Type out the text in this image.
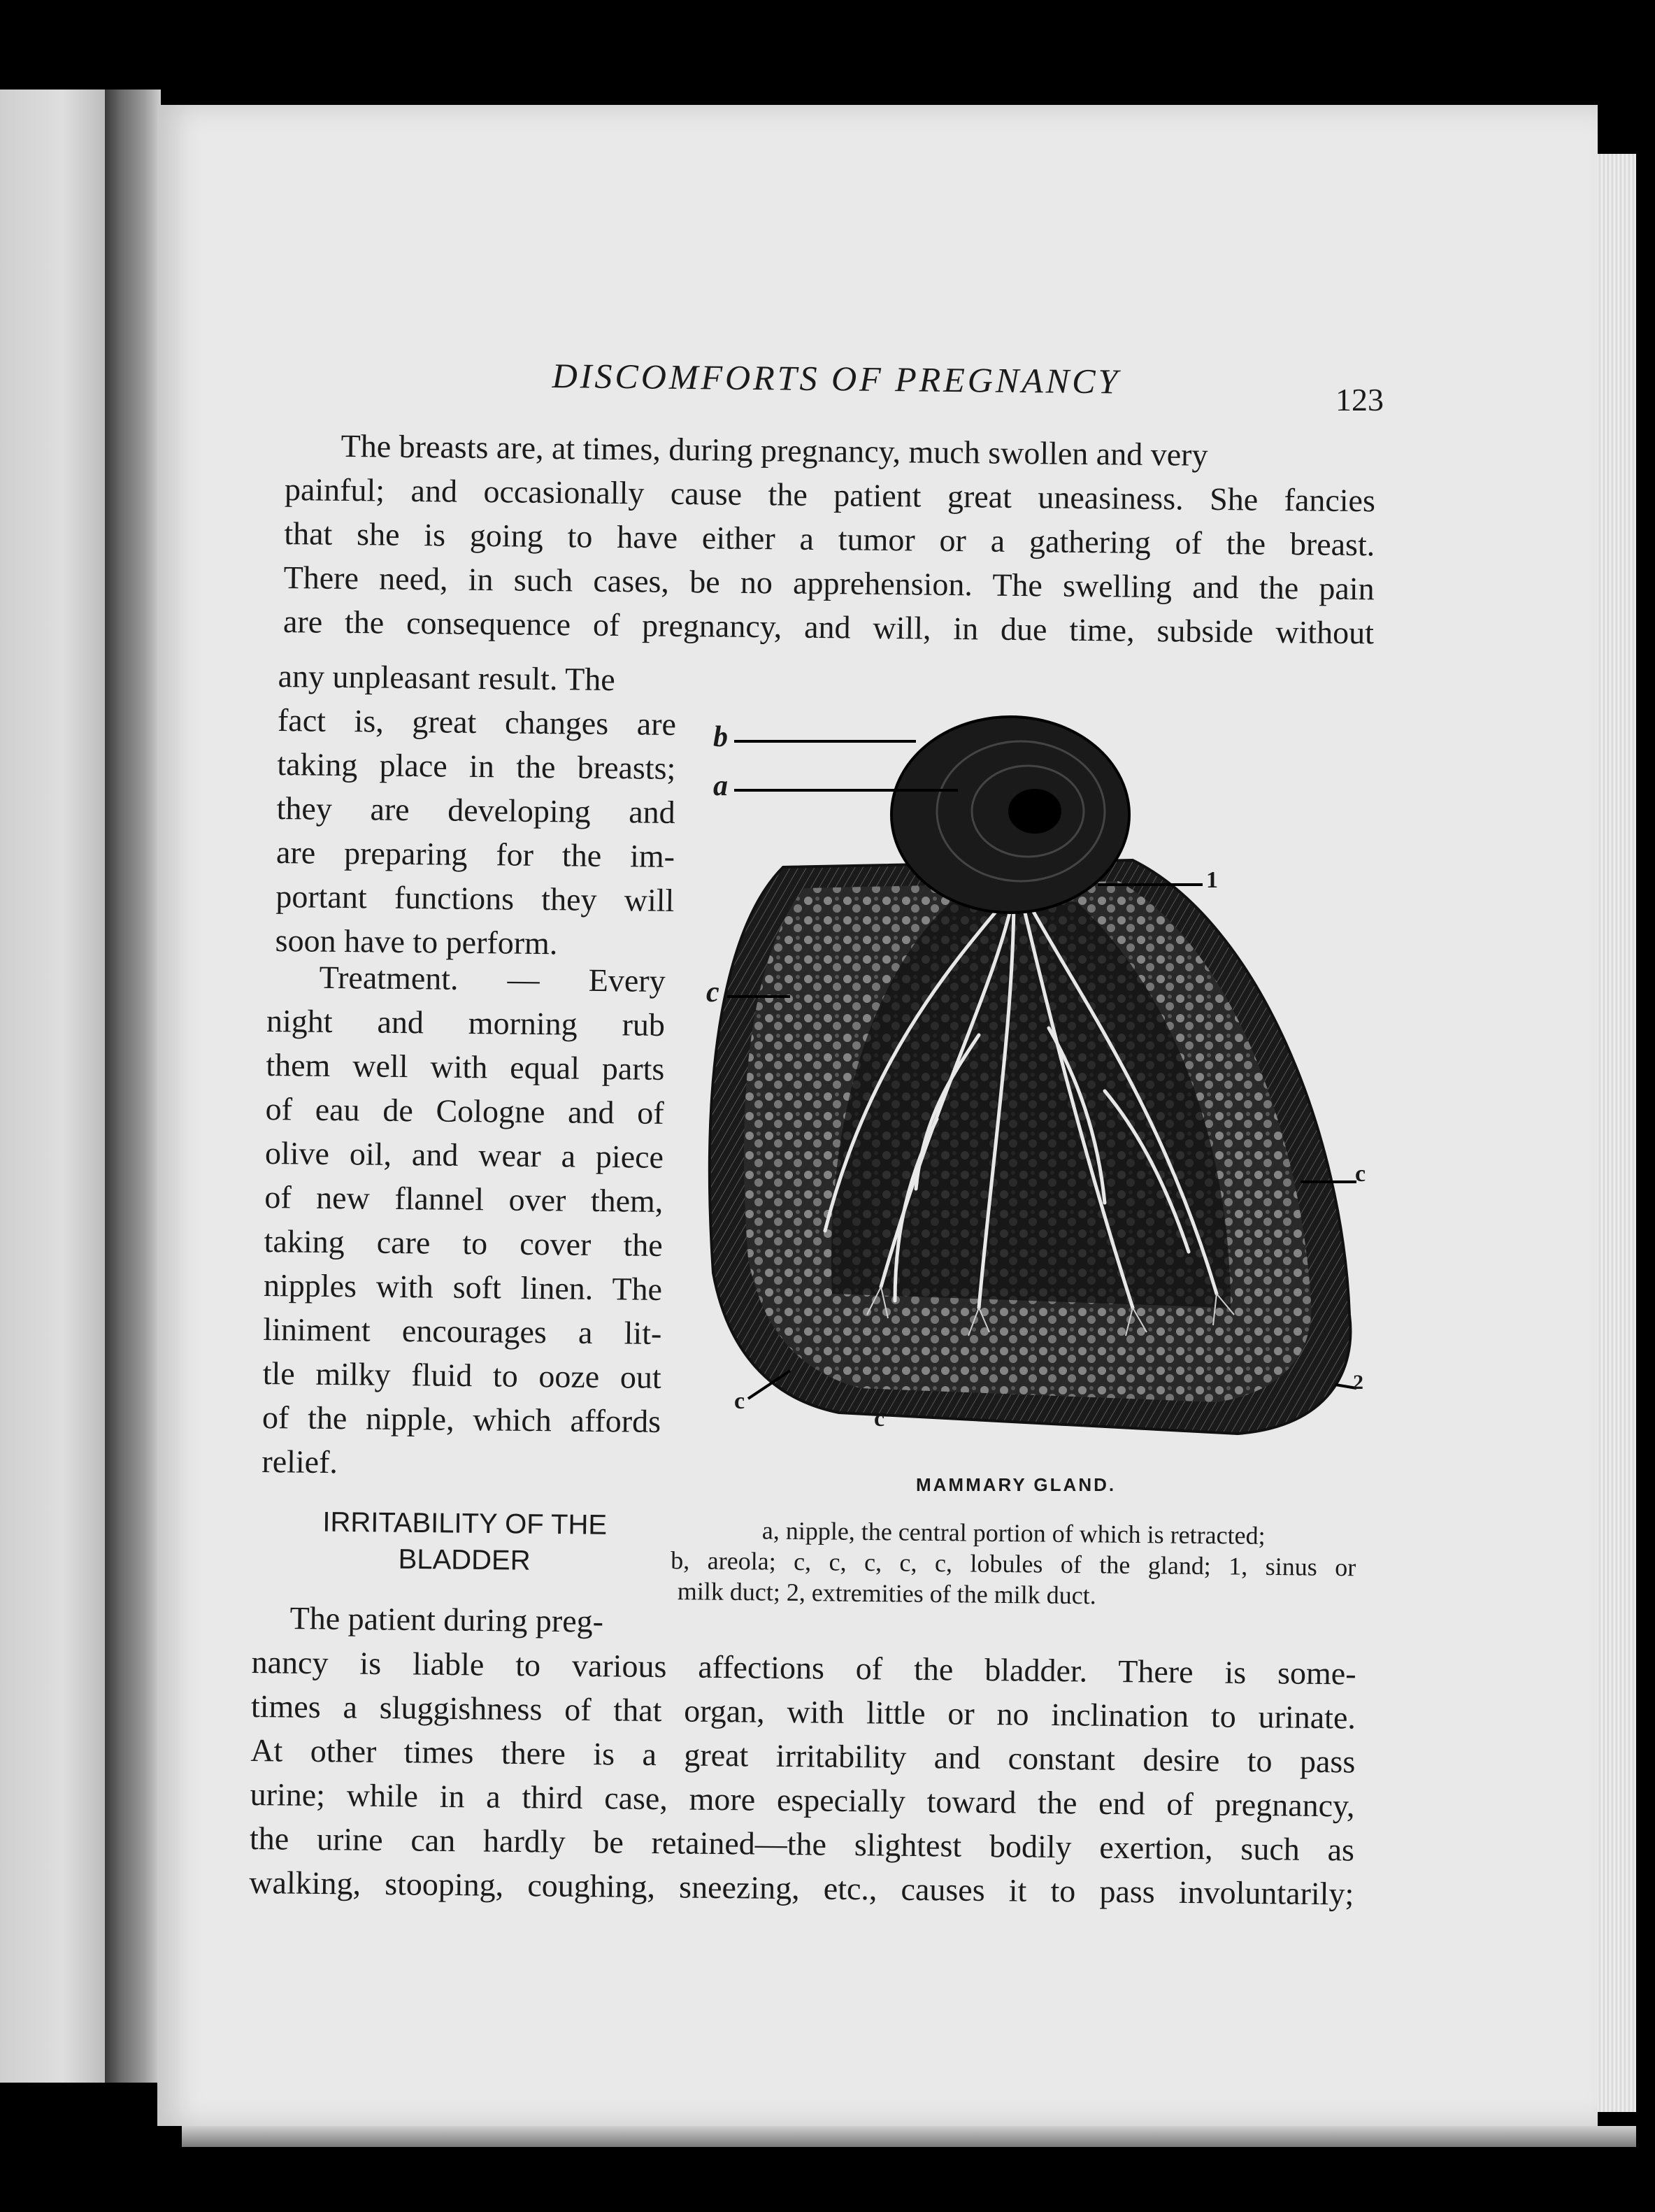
DISCOMFORTS OF PREGNANCY	123
The breasts are, at times, during pregnancy, much swollen and very
painful; and occasionally cause the patient great uneasiness. She fancies
that she is going to have either a tumor or a gathering of the breast.
There need, in such cases, be no apprehension. The swelling and the pain
are the consequence of pregnancy, and will, in due time, subside without
any unpleasant result. The
fact is, great changes are
taking place in the breasts;
they are developing and
are preparing for the im-
portant functions they will
soon have to perform.
Treatment. — Every
night and morning rub
them well with equal parts
of eau de Cologne and of
olive oil, and wear a piece
of new flannel over them,
taking care to cover the
nipples with soft linen. The
liniment encourages a lit-
tle milky fluid to ooze out
of the nipple, which affords
relief.
IRRITABILITY OF THE
BLADDER
The patient during preg-
nancy is liable to various affections of the bladder. There is some-
times a sluggishness of that organ, with little or no inclination to urinate.
At other times there is a great irritability and constant desire to pass
urine; while in a third case, more especially toward the end of pregnancy,
the urine can hardly be retained—the slightest bodily exertion, such as
walking, stooping, coughing, sneezing, etc., causes it to pass involuntarily;
b
a
1
c
c
c
c
2
MAMMARY GLAND.
a, nipple, the central portion of which is retracted;
b, areola; c, c, c, c, c, lobules of the gland; 1, sinus or
milk duct; 2, extremities of the milk duct.
